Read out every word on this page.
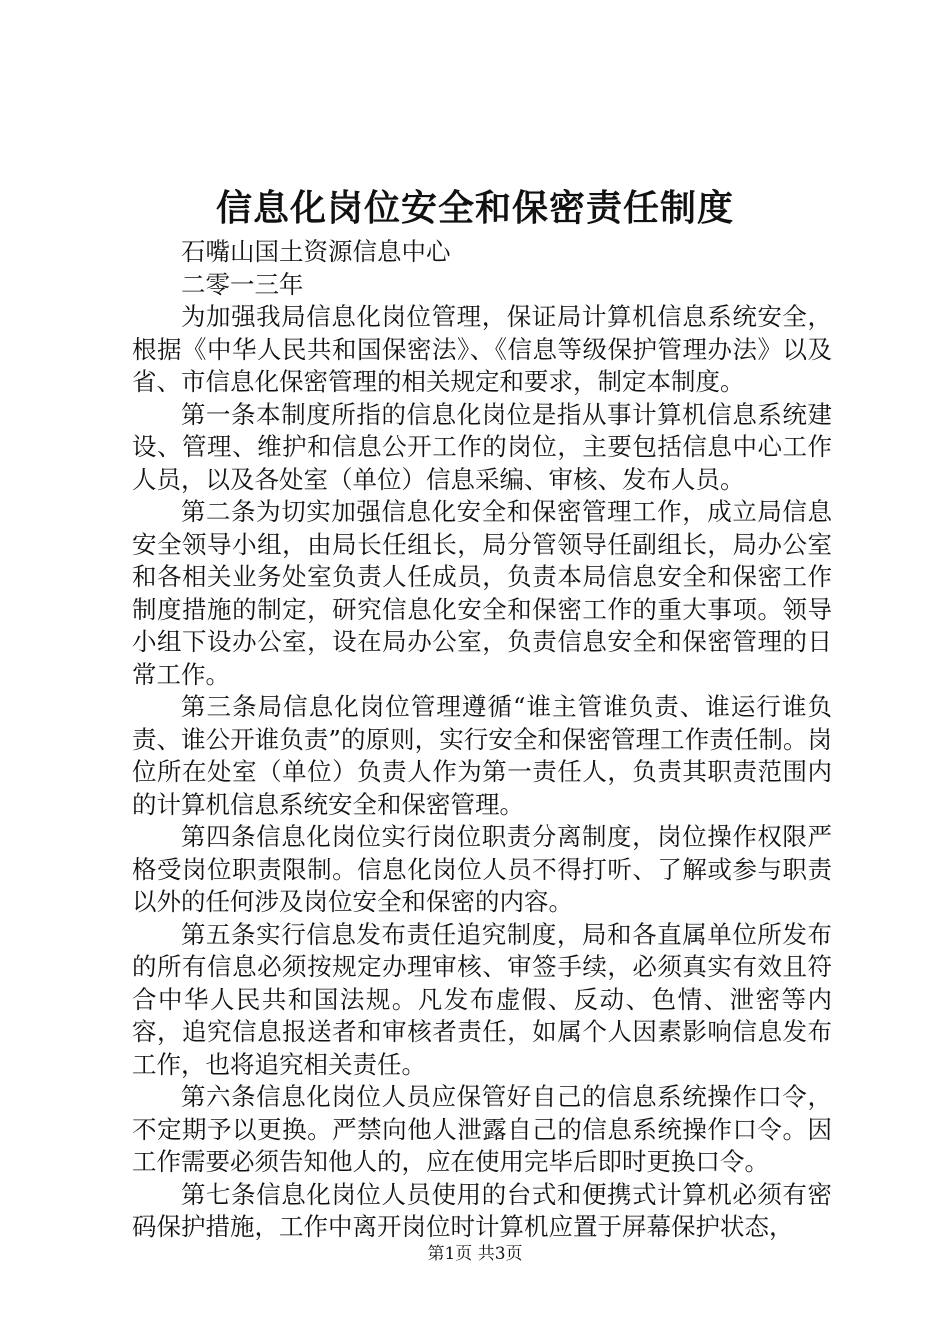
信息化岗位安全和保密责任制度

石嘴山国土资源信息中心

二零一三年

为加强我局信息化岗位管理，保证局计算机信息系统安全，根据《中华人民共和国保密法》、《信息等级保护管理办法》以及省、市信息化保密管理的相关规定和要求，制定本制度。

第一条本制度所指的信息化岗位是指从事计算机信息系统建设、管理、维护和信息公开工作的岗位，主要包括信息中心工作人员，以及各处室（单位）信息采编、审核、发布人员。

第二条为切实加强信息化安全和保密管理工作，成立局信息安全领导小组，由局长任组长，局分管领导任副组长，局办公室和各相关业务处室负责人任成员，负责本局信息安全和保密工作制度措施的制定，研究信息化安全和保密工作的重大事项。领导小组下设办公室，设在局办公室，负责信息安全和保密管理的日常工作。

第三条局信息化岗位管理遵循“谁主管谁负责、谁运行谁负责、谁公开谁负责”的原则，实行安全和保密管理工作责任制。岗位所在处室（单位）负责人作为第一责任人，负责其职责范围内的计算机信息系统安全和保密管理。

第四条信息化岗位实行岗位职责分离制度，岗位操作权限严格受岗位职责限制。信息化岗位人员不得打听、了解或参与职责以外的任何涉及岗位安全和保密的内容。

第五条实行信息发布责任追究制度，局和各直属单位所发布的所有信息必须按规定办理审核、审签手续，必须真实有效且符合中华人民共和国法规。凡发布虚假、反动、色情、泄密等内容，追究信息报送者和审核者责任，如属个人因素影响信息发布工作，也将追究相关责任。

第六条信息化岗位人员应保管好自己的信息系统操作口令，不定期予以更换。严禁向他人泄露自己的信息系统操作口令。因工作需要必须告知他人的，应在使用完毕后即时更换口令。

第七条信息化岗位人员使用的台式和便携式计算机必须有密码保护措施，工作中离开岗位时计算机应置于屏幕保护状态，

第1页 共3页
